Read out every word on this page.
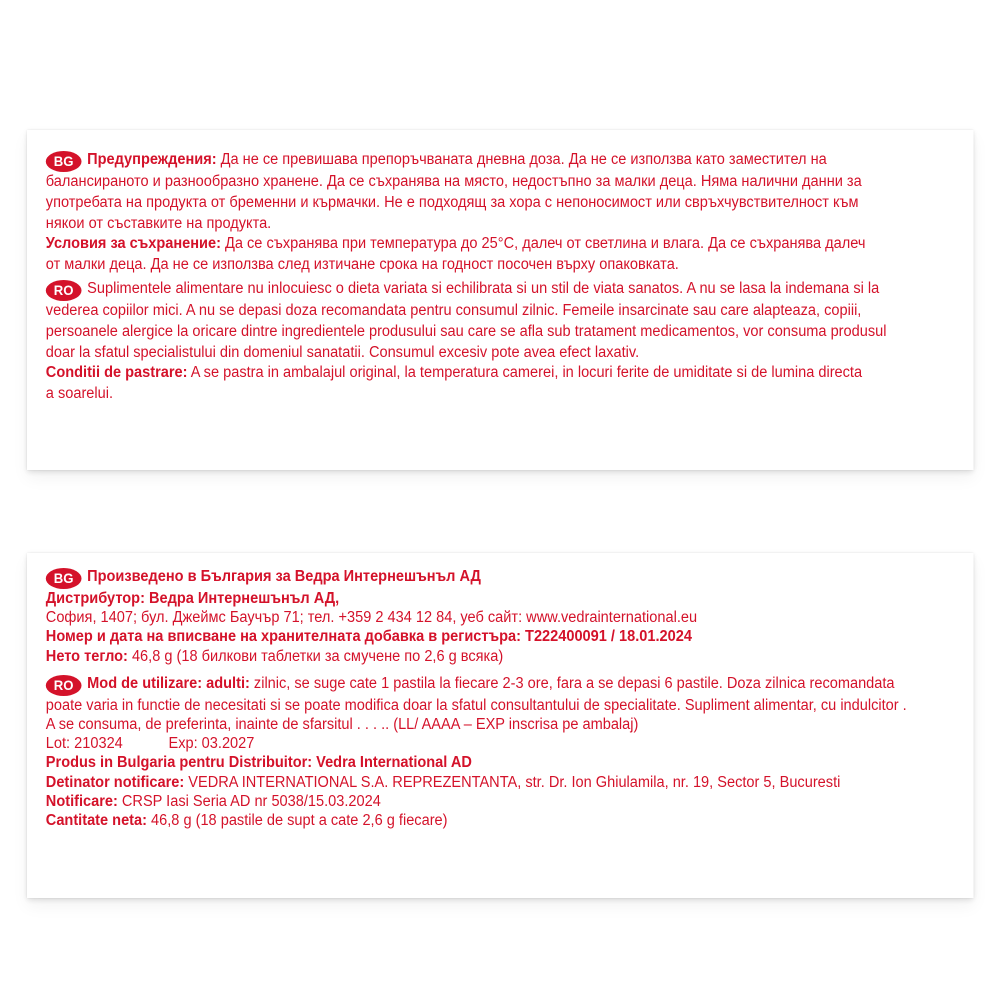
BG Предупреждения: Да не се превишава препоръчваната дневна доза. Да не се използва като заместител на
балансираното и разнообразно хранене. Да се съхранява на място, недостъпно за малки деца. Няма налични данни за
употребата на продукта от бременни и кърмачки. Не е подходящ за хора с непоносимост или свръхчувствителност към
някои от съставките на продукта.
Условия за съхранение: Да се съхранява при температура до 25°C, далеч от светлина и влага. Да се съхранява далеч
от малки деца. Да не се използва след изтичане срока на годност посочен върху опаковката.
RO Suplimentele alimentare nu inlocuiesc o dieta variata si echilibrata si un stil de viata sanatos. A nu se lasa la indemana si la
vederea copiilor mici. A nu se depasi doza recomandata pentru consumul zilnic. Femeile insarcinate sau care alapteaza, copiii,
persoanele alergice la oricare dintre ingredientele produsului sau care se afla sub tratament medicamentos, vor consuma produsul
doar la sfatul specialistului din domeniul sanatatii. Consumul excesiv pote avea efect laxativ.
Conditii de pastrare: A se pastra in ambalajul original, la temperatura camerei, in locuri ferite de umiditate si de lumina directa
a soarelui.
BG Произведено в България за Ведра Интернешънъл АД
Дистрибутор: Ведра Интернешънъл АД,
София, 1407; бул. Джеймс Баучър 71; тел. +359 2 434 12 84, уеб сайт: www.vedrainternational.eu
Номер и дата на вписване на хранителната добавка в регистъра: Т222400091 / 18.01.2024
Нето тегло: 46,8 g (18 билкови таблетки за смучене по 2,6 g всяка)
RO Mod de utilizare: adulti: zilnic, se suge cate 1 pastila la fiecare 2-3 ore, fara a se depasi 6 pastile. Doza zilnica recomandata
poate varia in functie de necesitati si se poate modifica doar la sfatul consultantului de specialitate. Supliment alimentar, cu indulcitor .
A se consuma, de preferinta, inainte de sfarsitul . . . .. (LL/ AAAA – EXP inscrisa pe ambalaj)
Lot: 210324	Exp: 03.2027
Produs in Bulgaria pentru Distribuitor: Vedra International AD
Detinator notificare: VEDRA INTERNATIONAL S.A. REPREZENTANTA, str. Dr. Ion Ghiulamila, nr. 19, Sector 5, Bucuresti
Notificare: CRSP Iasi Seria AD nr 5038/15.03.2024
Cantitate neta: 46,8 g (18 pastile de supt a cate 2,6 g fiecare)
